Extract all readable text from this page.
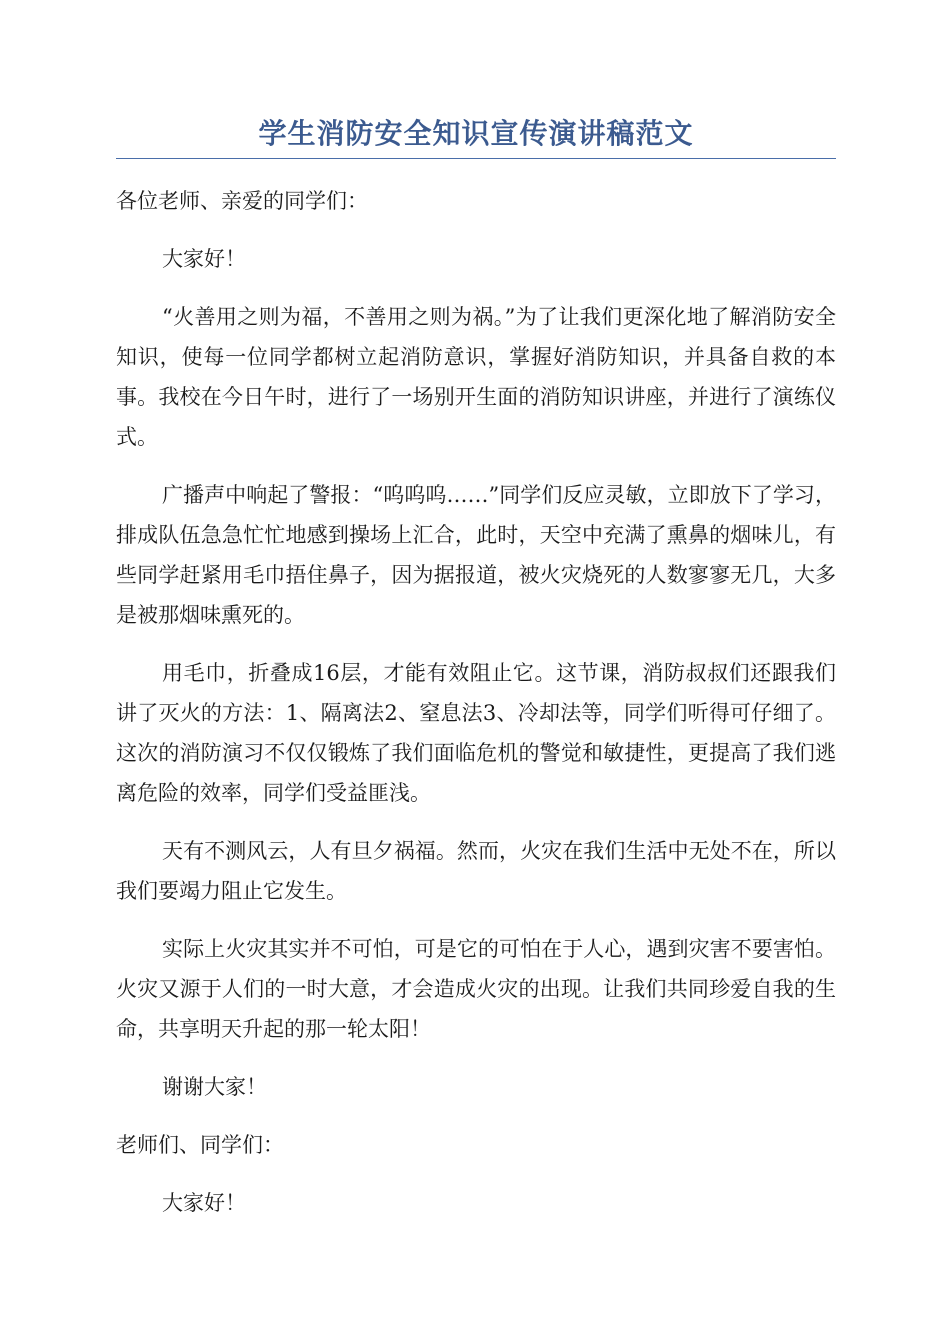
学生消防安全知识宣传演讲稿范文

各位老师、亲爱的同学们：

大家好！

“火善用之则为福，不善用之则为祸。”为了让我们更深化地了解消防安全知识，使每一位同学都树立起消防意识，掌握好消防知识，并具备自救的本事。我校在今日午时，进行了一场别开生面的消防知识讲座，并进行了演练仪式。

广播声中响起了警报：“呜呜呜……”同学们反应灵敏，立即放下了学习，排成队伍急急忙忙地感到操场上汇合，此时，天空中充满了熏鼻的烟味儿，有些同学赶紧用毛巾捂住鼻子，因为据报道，被火灾烧死的人数寥寥无几，大多是被那烟味熏死的。

用毛巾，折叠成16层，才能有效阻止它。这节课，消防叔叔们还跟我们讲了灭火的方法：1、隔离法2、窒息法3、冷却法等，同学们听得可仔细了。这次的消防演习不仅仅锻炼了我们面临危机的警觉和敏捷性，更提高了我们逃离危险的效率，同学们受益匪浅。

天有不测风云，人有旦夕祸福。然而，火灾在我们生活中无处不在，所以我们要竭力阻止它发生。

实际上火灾其实并不可怕，可是它的可怕在于人心，遇到灾害不要害怕。火灾又源于人们的一时大意，才会造成火灾的出现。让我们共同珍爱自我的生命，共享明天升起的那一轮太阳！

谢谢大家！

老师们、同学们：

大家好！
